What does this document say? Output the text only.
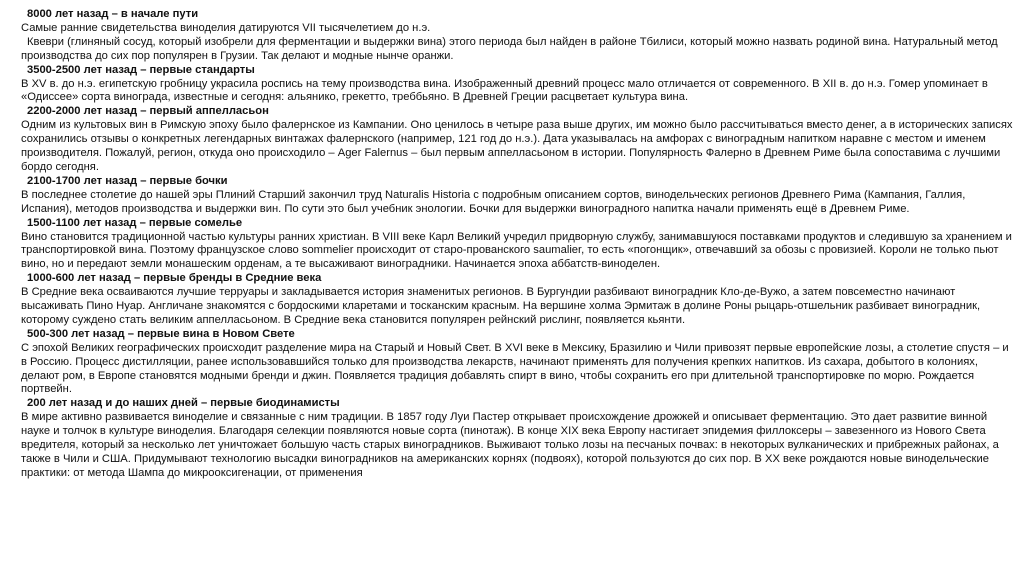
8000 лет назад – в начале пути

Самые ранние свидетельства виноделия датируются VII тысячелетием до н.э.

Квеври (глиняный сосуд, который изобрели для ферментации и выдержки вина) этого периода был найден в районе Тбилиси, который можно назвать родиной вина. Натуральный метод производства до сих пор популярен в Грузии. Так делают и модные нынче оранжи.

3500-2500 лет назад – первые стандарты

В XV в. до н.э. египетскую гробницу украсила роспись на тему производства вина. Изображенный древний процесс мало отличается от современного. В XII в. до н.э. Гомер упоминает в «Одиссее» сорта винограда, известные и сегодня: альянико, грекетто, треббьяно. В Древней Греции расцветает культура вина.

2200-2000 лет назад – первый аппелласьон

Одним из культовых вин в Римскую эпоху было фалернское из Кампании. Оно ценилось в четыре раза выше других, им можно было рассчитываться вместо денег, а в исторических записях сохранились отзывы о конкретных легендарных винтажах фалернского (например, 121 год до н.э.). Дата указывалась на амфорах с виноградным напитком наравне с местом и именем производителя. Пожалуй, регион, откуда оно происходило – Ager Falernus – был первым аппелласьоном в истории. Популярность Фалерно в Древнем Риме была сопоставима с лучшими бордо сегодня.

2100-1700 лет назад – первые бочки

В последнее столетие до нашей эры Плиний Старший закончил труд Naturalis Historia с подробным описанием сортов, винодельческих регионов Древнего Рима (Кампания, Галлия, Испания), методов производства и выдержки вин. По сути это был учебник энологии. Бочки для выдержки виноградного напитка начали применять ещё в Древнем Риме.

1500-1100 лет назад – первые сомелье

Вино становится традиционной частью культуры ранних христиан. В VIII веке Карл Великий учредил придворную службу, занимавшуюся поставками продуктов и следившую за хранением и транспортировкой вина. Поэтому французское слово sommelier происходит от старо-прованского saumalier, то есть «погонщик», отвечавший за обозы с провизией. Короли не только пьют вино, но и передают земли монашеским орденам, а те высаживают виноградники. Начинается эпоха аббатств-виноделен.

1000-600 лет назад – первые бренды в Средние века

В Средние века осваиваются лучшие терруары и закладывается история знаменитых регионов. В Бургундии разбивают виноградник Кло-де-Вужо, а затем повсеместно начинают высаживать Пино Нуар. Англичане знакомятся с бордоскими кларетами и тосканским красным. На вершине холма Эрмитаж в долине Роны рыцарь-отшельник разбивает виноградник, которому суждено стать великим аппелласьоном. В Средние века становится популярен рейнский рислинг, появляется кьянти.

500-300 лет назад – первые вина в Новом Свете

С эпохой Великих географических происходит разделение мира на Старый и Новый Свет. В XVI веке в Мексику, Бразилию и Чили привозят первые европейские лозы, а столетие спустя – и в Россию. Процесс дистилляции, ранее использовавшийся только для производства лекарств, начинают применять для получения крепких напитков. Из сахара, добытого в колониях, делают ром, в Европе становятся модными бренди и джин. Появляется традиция добавлять спирт в вино, чтобы сохранить его при длительной транспортировке по морю. Рождается портвейн.

200 лет назад и до наших дней – первые биодинамисты

В мире активно развивается виноделие и связанные с ним традиции. В 1857 году Луи Пастер открывает происхождение дрожжей и описывает ферментацию. Это дает развитие винной науке и толчок в культуре виноделия. Благодаря селекции появляются новые сорта (пинотаж). В конце XIX века Европу настигает эпидемия филлоксеры – завезенного из Нового Света вредителя, который за несколько лет уничтожает большую часть старых виноградников. Выживают только лозы на песчаных почвах: в некоторых вулканических и прибрежных районах, а также в Чили и США. Придумывают технологию высадки виноградников на американских корнях (подвоях), которой пользуются до сих пор. В XX веке рождаются новые винодельческие практики: от метода Шампа до микрооксигенации, от применения
